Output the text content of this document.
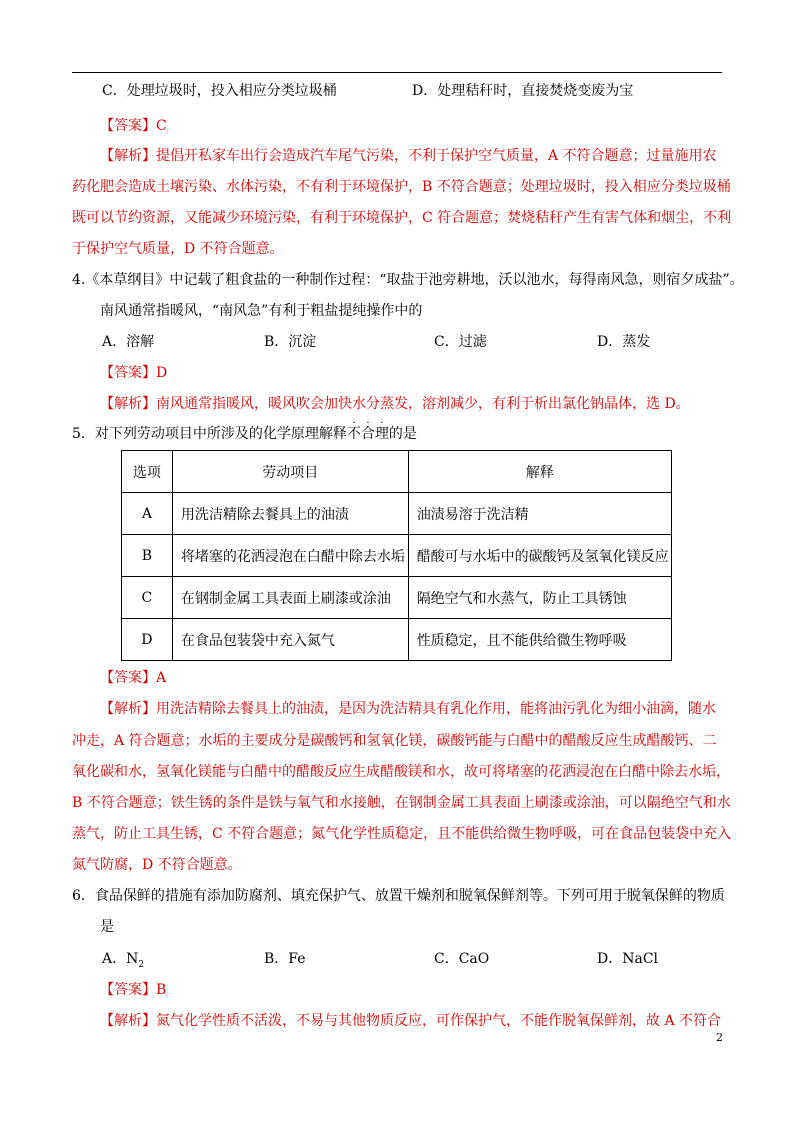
C．处理垃圾时，投入相应分类垃圾桶	D．处理秸秆时，直接焚烧变废为宝
【答案】C
【解析】提倡开私家车出行会造成汽车尾气污染，不利于保护空气质量，A 不符合题意；过量施用农
药化肥会造成土壤污染、水体污染，不有利于环境保护，B 不符合题意；处理垃圾时，投入相应分类垃圾桶
既可以节约资源，又能减少环境污染，有利于环境保护，C 符合题意；焚烧秸秆产生有害气体和烟尘，不利
于保护空气质量，D 不符合题意。
4.《本草纲目》中记载了粗食盐的一种制作过程：“取盐于池旁耕地，沃以池水，每得南风急，则宿夕成盐”。
南风通常指暖风，“南风急”有利于粗盐提纯操作中的
A．溶解	B．沉淀	C．过滤	D．蒸发
【答案】D
【解析】南风通常指暖风，暖风吹会加快水分蒸发，溶剂减少，有利于析出氯化钠晶体，选 D。
5．对下列劳动项目中所涉及的化学原理解释
·
不
·
合
·
理的是
选项	劳动项目	解释
A	用洗洁精除去餐具上的油渍	油渍易溶于洗洁精
B	将堵塞的花洒浸泡在白醋中除去水垢	醋酸可与水垢中的碳酸钙及氢氧化镁反应
C	在钢制金属工具表面上刷漆或涂油	隔绝空气和水蒸气，防止工具锈蚀
D	在食品包装袋中充入氮气	性质稳定，且不能供给微生物呼吸
【答案】A
【解析】用洗洁精除去餐具上的油渍，是因为洗洁精具有乳化作用，能将油污乳化为细小油滴，随水
冲走，A 符合题意；水垢的主要成分是碳酸钙和氢氧化镁，碳酸钙能与白醋中的醋酸反应生成醋酸钙、二
氧化碳和水，氢氧化镁能与白醋中的醋酸反应生成醋酸镁和水，故可将堵塞的花洒浸泡在白醋中除去水垢，
B 不符合题意；铁生锈的条件是铁与氧气和水接触，在钢制金属工具表面上刷漆或涂油，可以隔绝空气和水
蒸气，防止工具生锈，C 不符合题意；氮气化学性质稳定，且不能供给微生物呼吸，可在食品包装袋中充入
氮气防腐，D 不符合题意。
6．食品保鲜的措施有添加防腐剂、填充保护气、放置干燥剂和脱氧保鲜剂等。下列可用于脱氧保鲜的物质
是
A．$N_2$	B．Fe	C．CaO	D．NaCl
【答案】B
【解析】氮气化学性质不活泼，不易与其他物质反应，可作保护气，不能作脱氧保鲜剂，故 A 不符合
2
